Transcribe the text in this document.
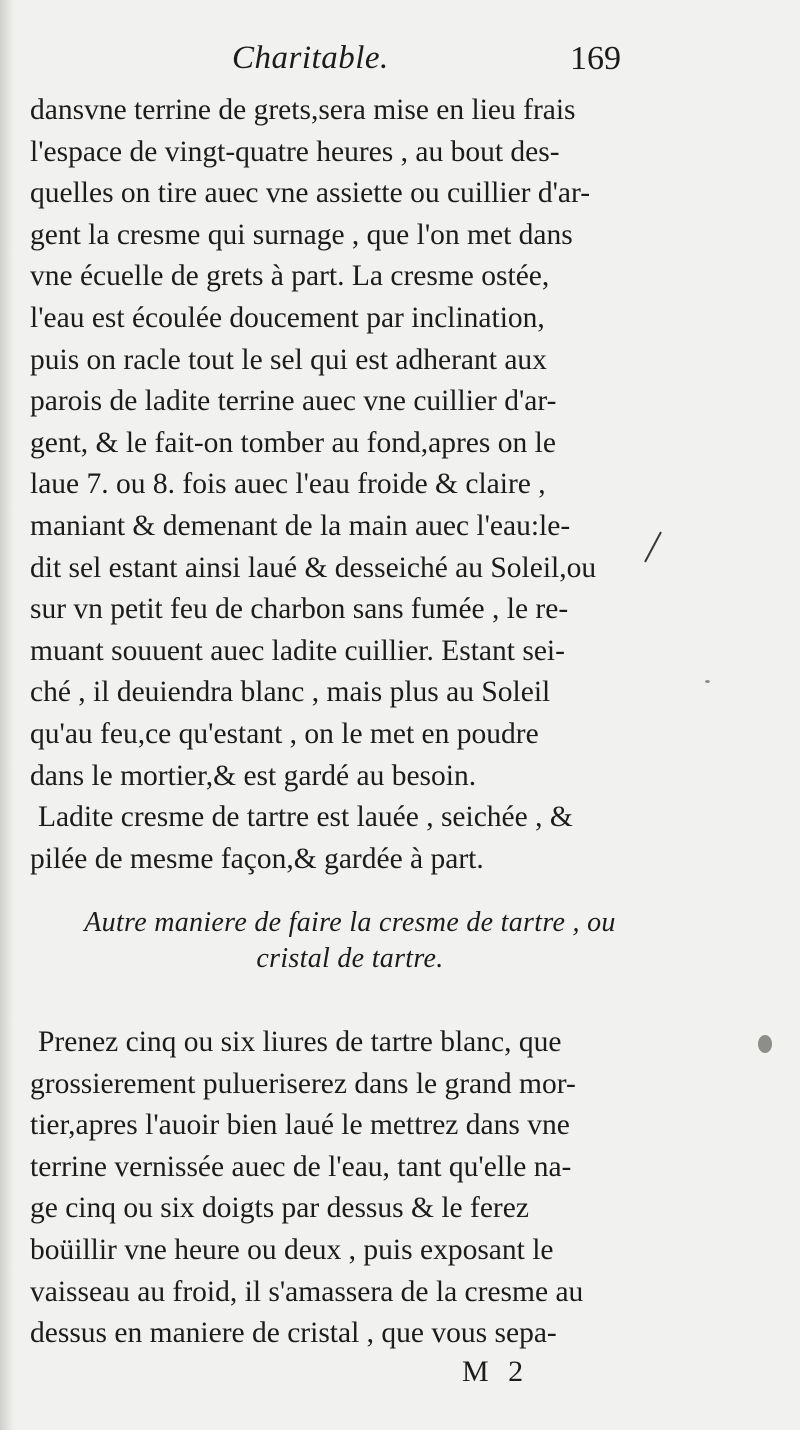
Charitable.	169
dansvne terrine de grets,sera mise en lieu frais
l'espace de vingt-quatre heures , au bout des-
quelles on tire auec vne assiette ou cuillier d'ar-
gent la cresme qui surnage , que l'on met dans
vne écuelle de grets à part. La cresme ostée,
l'eau est écoulée doucement par inclination,
puis on racle tout le sel qui est adherant aux
parois de ladite terrine auec vne cuillier d'ar-
gent, & le fait-on tomber au fond,apres on le
laue 7. ou 8. fois auec l'eau froide & claire ,
maniant & demenant de la main auec l'eau:le-
dit sel estant ainsi laué & desseiché au Soleil,ou
sur vn petit feu de charbon sans fumée , le re-
muant souuent auec ladite cuillier. Estant sei-
ché , il deuiendra blanc , mais plus au Soleil
qu'au feu,ce qu'estant , on le met en poudre
dans le mortier,& est gardé au besoin.
Ladite cresme de tartre est lauée , seichée , &
pilée de mesme façon,& gardée à part.
Autre maniere de faire la cresme de tartre , ou
cristal de tartre.
Prenez cinq ou six liures de tartre blanc, que
grossierement pulueriserez dans le grand mor-
tier,apres l'auoir bien laué le mettrez dans vne
terrine vernissée auec de l'eau, tant qu'elle na-
ge cinq ou six doigts par dessus & le ferez
boüillir vne heure ou deux , puis exposant le
vaisseau au froid, il s'amassera de la cresme au
dessus en maniere de cristal , que vous sepa-
M 2
